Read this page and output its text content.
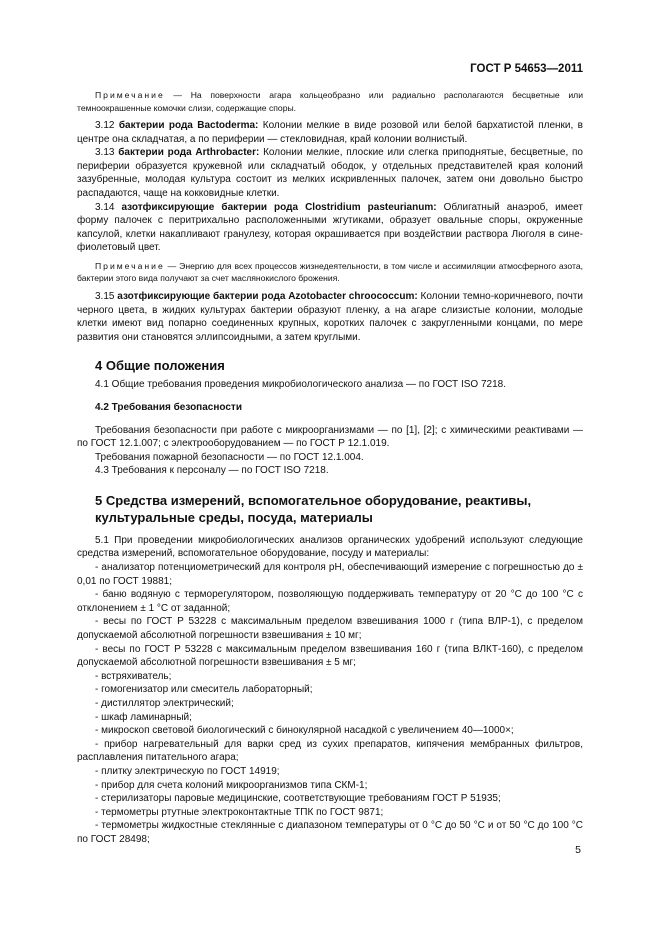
ГОСТ Р 54653—2011

Примечание — На поверхности агара кольцеобразно или радиально располагаются бесцветные или темноокрашенные комочки слизи, содержащие споры.

3.12 бактерии рода Bactoderma: Колонии мелкие в виде розовой или белой бархатистой пленки, в центре она складчатая, а по периферии — стекловидная, край колонии волнистый.

3.13 бактерии рода Arthrobacter: Колонии мелкие, плоские или слегка приподнятые, бесцветные, по периферии образуется кружевной или складчатый ободок, у отдельных представителей края колоний зазубренные, молодая культура состоит из мелких искривленных палочек, затем они довольно быстро распадаются, чаще на кокковидные клетки.

3.14 азотфиксирующие бактерии рода Clostridium pasteurianum: Облигатный анаэроб, имеет форму палочек с перитрихально расположенными жгутиками, образует овальные споры, окруженные капсулой, клетки накапливают гранулезу, которая окрашивается при воздействии раствора Люголя в сине-фиолетовый цвет.

Примечание — Энергию для всех процессов жизнедеятельности, в том числе и ассимиляции атмосферного азота, бактерии этого вида получают за счет маслянокислого брожения.

3.15 азотфиксирующие бактерии рода Azotobacter chroococcum: Колонии темно-коричневого, почти черного цвета, в жидких культурах бактерии образуют пленку, а на агаре слизистые колонии, молодые клетки имеют вид попарно соединенных крупных, коротких палочек с закругленными концами, по мере развития они становятся эллипсоидными, а затем круглыми.

4 Общие положения

4.1 Общие требования проведения микробиологического анализа — по ГОСТ ISO 7218.

4.2 Требования безопасности

Требования безопасности при работе с микроорганизмами — по [1], [2]; с химическими реактивами — по ГОСТ 12.1.007; с электрооборудованием — по ГОСТ Р 12.1.019.

Требования пожарной безопасности — по ГОСТ 12.1.004.

4.3 Требования к персоналу — по ГОСТ ISO 7218.

5 Средства измерений, вспомогательное оборудование, реактивы,
культуральные среды, посуда, материалы

5.1 При проведении микробиологических анализов органических удобрений используют следующие средства измерений, вспомогательное оборудование, посуду и материалы:

- анализатор потенциометрический для контроля pH, обеспечивающий измерение с погрешностью до ± 0,01 по ГОСТ 19881;

- баню водяную с терморегулятором, позволяющую поддерживать температуру от 20 °С до 100 °С с отклонением ± 1 °С от заданной;

- весы по ГОСТ Р 53228 с максимальным пределом взвешивания 1000 г (типа ВЛР-1), с пределом допускаемой абсолютной погрешности взвешивания ± 10 мг;

- весы по ГОСТ Р 53228 с максимальным пределом взвешивания 160 г (типа ВЛКТ-160), с пределом допускаемой абсолютной погрешности взвешивания ± 5 мг;

- встряхиватель;

- гомогенизатор или смеситель лабораторный;

- дистиллятор электрический;

- шкаф ламинарный;

- микроскоп световой биологический с бинокулярной насадкой с увеличением 40—1000×;

- прибор нагревательный для варки сред из сухих препаратов, кипячения мембранных фильтров, расплавления питательного агара;

- плитку электрическую по ГОСТ 14919;

- прибор для счета колоний микроорганизмов типа СКМ-1;

- стерилизаторы паровые медицинские, соответствующие требованиям ГОСТ Р 51935;

- термометры ртутные электроконтактные ТПК по ГОСТ 9871;

- термометры жидкостные стеклянные с диапазоном температуры от 0 °С до 50 °С и от 50 °С до 100 °С по ГОСТ 28498;

5
